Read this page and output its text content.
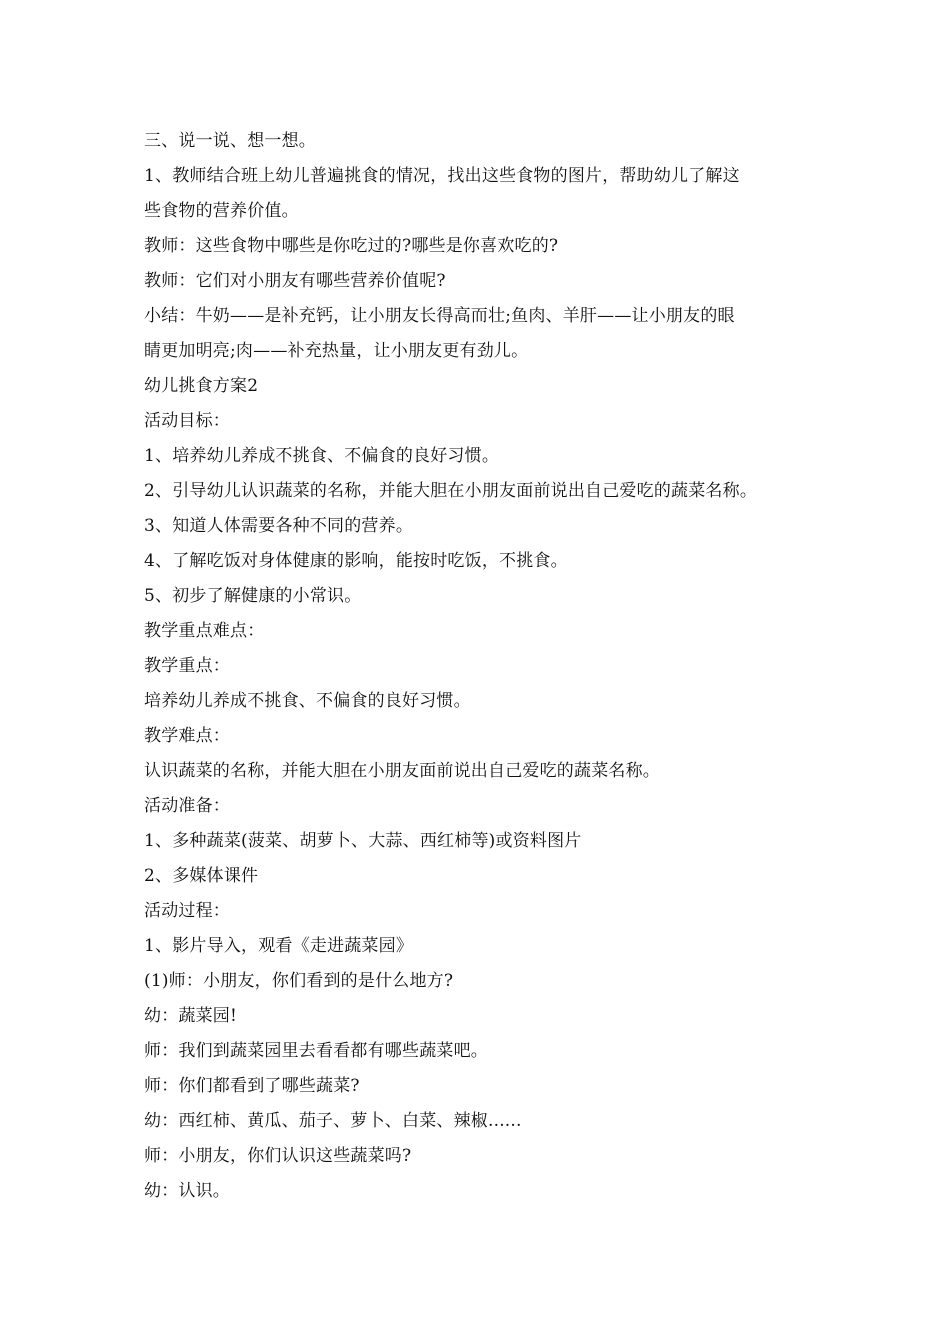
三、说一说、想一想。
1、教师结合班上幼儿普遍挑食的情况，找出这些食物的图片，帮助幼儿了解这
些食物的营养价值。
教师：这些食物中哪些是你吃过的?哪些是你喜欢吃的?
教师：它们对小朋友有哪些营养价值呢?
小结：牛奶——是补充钙，让小朋友长得高而壮;鱼肉、羊肝——让小朋友的眼
睛更加明亮;肉——补充热量，让小朋友更有劲儿。
幼儿挑食方案2
活动目标：
1、培养幼儿养成不挑食、不偏食的良好习惯。
2、引导幼儿认识蔬菜的名称，并能大胆在小朋友面前说出自己爱吃的蔬菜名称。
3、知道人体需要各种不同的营养。
4、了解吃饭对身体健康的影响，能按时吃饭，不挑食。
5、初步了解健康的小常识。
教学重点难点：
教学重点：
培养幼儿养成不挑食、不偏食的良好习惯。
教学难点：
认识蔬菜的名称，并能大胆在小朋友面前说出自己爱吃的蔬菜名称。
活动准备：
1、多种蔬菜(菠菜、胡萝卜、大蒜、西红柿等)或资料图片
2、多媒体课件
活动过程：
1、影片导入，观看《走进蔬菜园》
(1)师：小朋友，你们看到的是什么地方?
幼：蔬菜园!
师：我们到蔬菜园里去看看都有哪些蔬菜吧。
师：你们都看到了哪些蔬菜?
幼：西红柿、黄瓜、茄子、萝卜、白菜、辣椒......
师：小朋友，你们认识这些蔬菜吗?
幼：认识。
